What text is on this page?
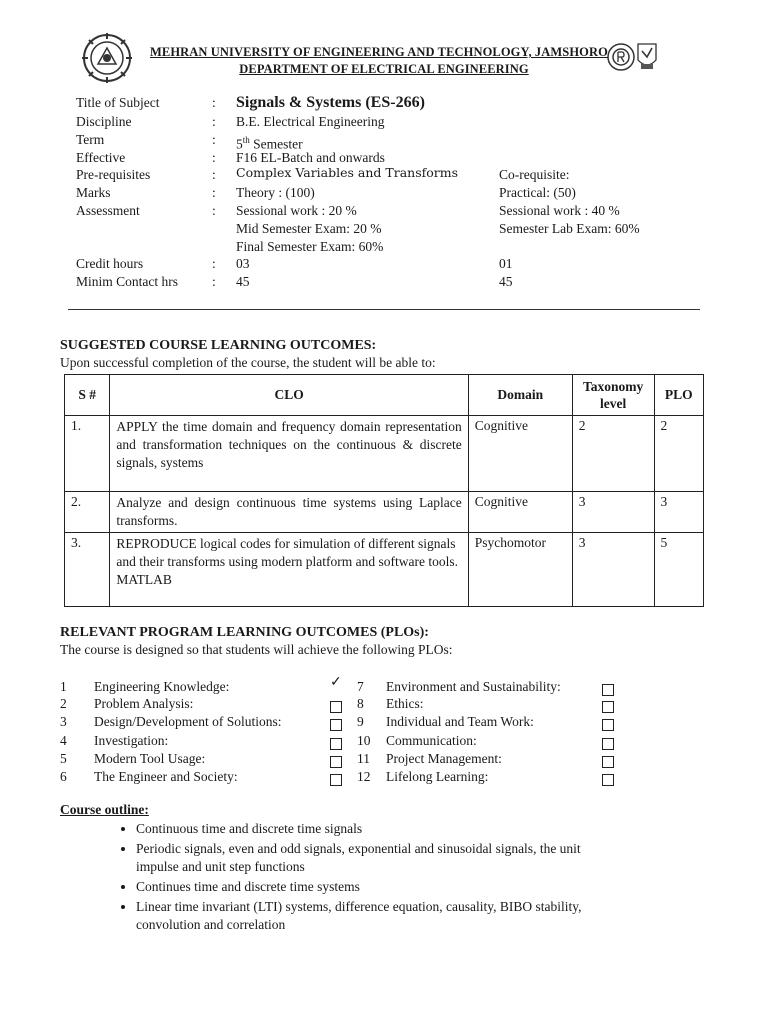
MEHRAN UNIVERSITY OF ENGINEERING AND TECHNOLOGY, JAMSHORO
DEPARTMENT OF ELECTRICAL ENGINEERING
Title of Subject	: Signals & Systems (ES-266)
Discipline	: B.E. Electrical Engineering
Term	: 5th Semester
Effective	: F16 EL-Batch and onwards
Pre-requisites	: Complex Variables and Transforms	Co-requisite:
Marks	: Theory : (100)	Practical: (50)
Assessment	: Sessional work : 20 %	Sessional work : 40 %
Mid Semester Exam: 20 %	Semester Lab Exam: 60%
Final Semester Exam: 60%
Credit hours	: 03	01
Minim Contact hrs	: 45	45
SUGGESTED COURSE LEARNING OUTCOMES:
Upon successful completion of the course, the student will be able to:
S #	CLO	Domain	Taxonomy level	PLO
1.	APPLY the time domain and frequency domain representation and transformation techniques on the continuous & discrete signals, systems	Cognitive	2	2
2.	Analyze and design continuous time systems using Laplace transforms.	Cognitive	3	3
3.	REPRODUCE logical codes for simulation of different signals and their transforms using modern platform and software tools. MATLAB	Psychomotor	3	5
RELEVANT PROGRAM LEARNING OUTCOMES (PLOs):
The course is designed so that students will achieve the following PLOs:
1 Engineering Knowledge:	✓
2 Problem Analysis:
3 Design/Development of Solutions:
4 Investigation:
5 Modern Tool Usage:
6 The Engineer and Society:
7 Environment and Sustainability:
8 Ethics:
9 Individual and Team Work:
10 Communication:
11 Project Management:
12 Lifelong Learning:
Course outline:
• Continuous time and discrete time signals
• Periodic signals, even and odd signals, exponential and sinusoidal signals, the unit impulse and unit step functions
• Continues time and discrete time systems
• Linear time invariant (LTI) systems, difference equation, causality, BIBO stability, convolution and correlation
